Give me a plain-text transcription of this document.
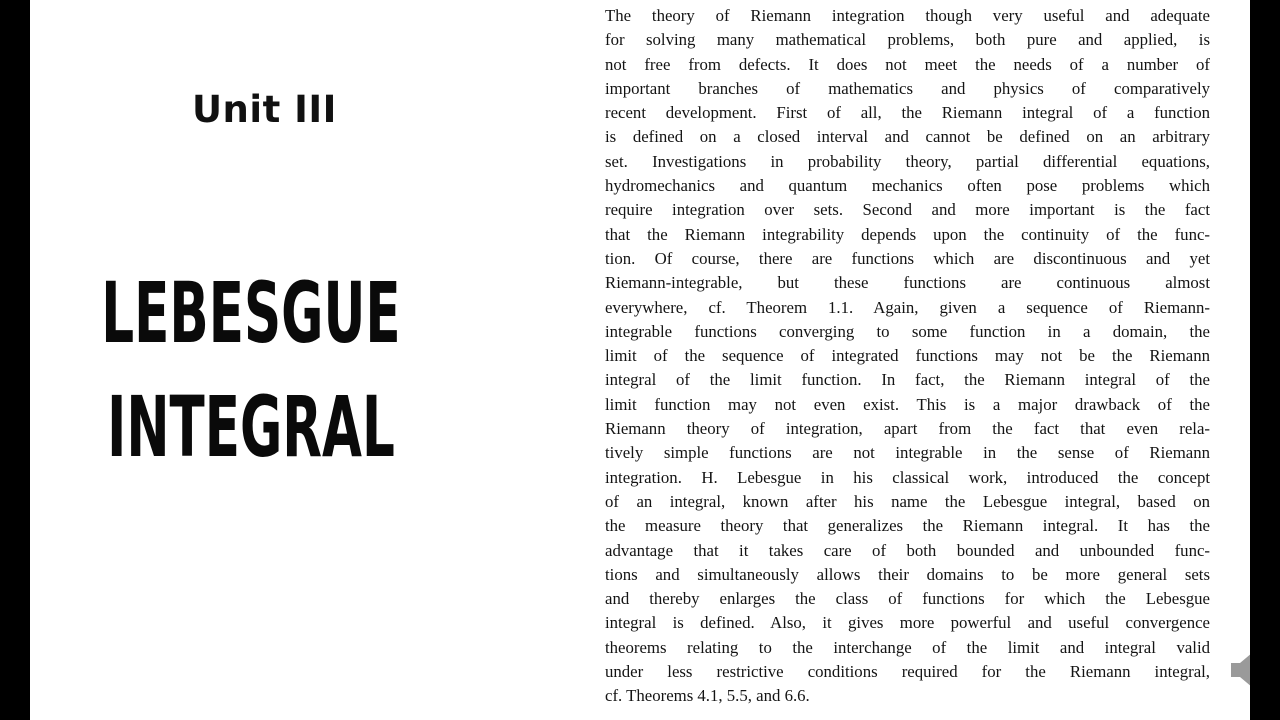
Unit III
LEBESGUE
INTEGRAL
The theory of Riemann integration though very useful and adequate
for solving many mathematical problems, both pure and applied, is
not free from defects. It does not meet the needs of a number of
important branches of mathematics and physics of comparatively
recent development. First of all, the Riemann integral of a function
is defined on a closed interval and cannot be defined on an arbitrary
set. Investigations in probability theory, partial differential equations,
hydromechanics and quantum mechanics often pose problems which
require integration over sets. Second and more important is the fact
that the Riemann integrability depends upon the continuity of the func-
tion. Of course, there are functions which are discontinuous and yet
Riemann-integrable, but these functions are continuous almost
everywhere, cf. Theorem 1.1. Again, given a sequence of Riemann-
integrable functions converging to some function in a domain, the
limit of the sequence of integrated functions may not be the Riemann
integral of the limit function. In fact, the Riemann integral of the
limit function may not even exist. This is a major drawback of the
Riemann theory of integration, apart from the fact that even rela-
tively simple functions are not integrable in the sense of Riemann
integration. H. Lebesgue in his classical work, introduced the concept
of an integral, known after his name the Lebesgue integral, based on
the measure theory that generalizes the Riemann integral. It has the
advantage that it takes care of both bounded and unbounded func-
tions and simultaneously allows their domains to be more general sets
and thereby enlarges the class of functions for which the Lebesgue
integral is defined. Also, it gives more powerful and useful convergence
theorems relating to the interchange of the limit and integral valid
under less restrictive conditions required for the Riemann integral,
cf. Theorems 4.1, 5.5, and 6.6.
